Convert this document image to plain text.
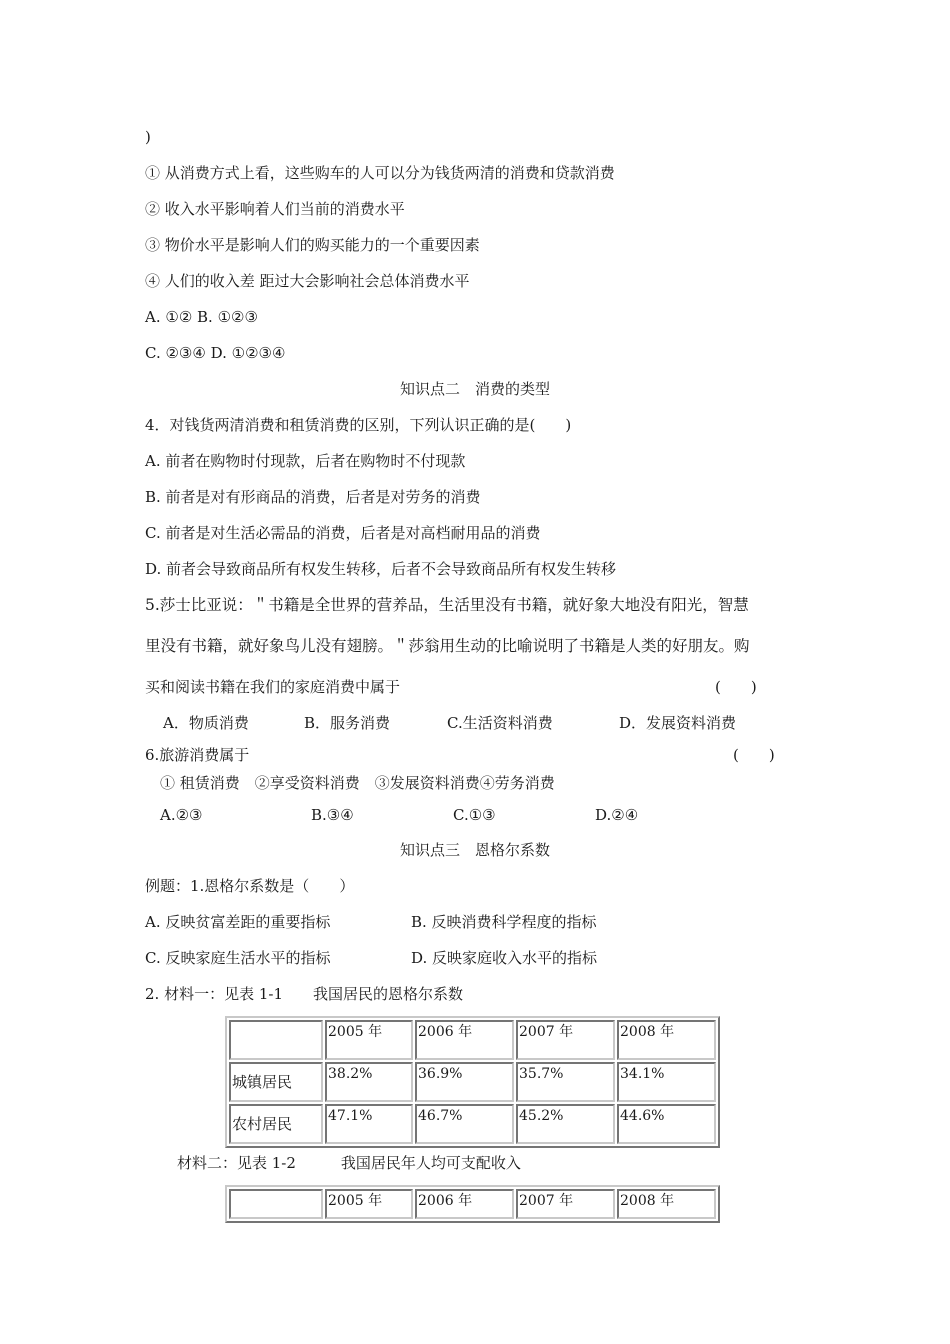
)
① 从消费方式上看，这些购车的人可以分为钱货两清的消费和贷款消费
② 收入水平影响着人们当前的消费水平
③ 物价水平是影响人们的购买能力的一个重要因素
④ 人们的收入差 距过大会影响社会总体消费水平
A. ①② B. ①②③
C. ②③④ D. ①②③④
知识点二　消费的类型
4．对钱货两清消费和租赁消费的区别，下列认识正确的是(　　)
A. 前者在购物时付现款，后者在购物时不付现款
B. 前者是对有形商品的消费，后者是对劳务的消费
C. 前者是对生活必需品的消费，后者是对高档耐用品的消费
D. 前者会导致商品所有权发生转移，后者不会导致商品所有权发生转移
5.莎士比亚说：＂书籍是全世界的营养品，生活里没有书籍，就好象大地没有阳光，智慧
里没有书籍，就好象鸟儿没有翅膀。＂莎翁用生动的比喻说明了书籍是人类的好朋友。购
买和阅读书籍在我们的家庭消费中属于	(　　)
A．物质消费	B．服务消费	C.生活资料消费	D．发展资料消费
6.旅游消费属于	(　　)
① 租赁消费　②享受资料消费　③发展资料消费④劳务消费
A.②③	B.③④	C.①③	D.②④
知识点三　恩格尔系数
例题：1.恩格尔系数是（　　）
A. 反映贫富差距的重要指标	B. 反映消费科学程度的指标
C. 反映家庭生活水平的指标	D. 反映家庭收入水平的指标
2. 材料一：见表 1-1　　我国居民的恩格尔系数
	2005 年	2006 年	2007 年	2008 年
城镇居民	38.2%	36.9%	35.7%	34.1%
农村居民	47.1%	46.7%	45.2%	44.6%
材料二：见表 1-2　　　我国居民年人均可支配收入
	2005 年	2006 年	2007 年	2008 年
